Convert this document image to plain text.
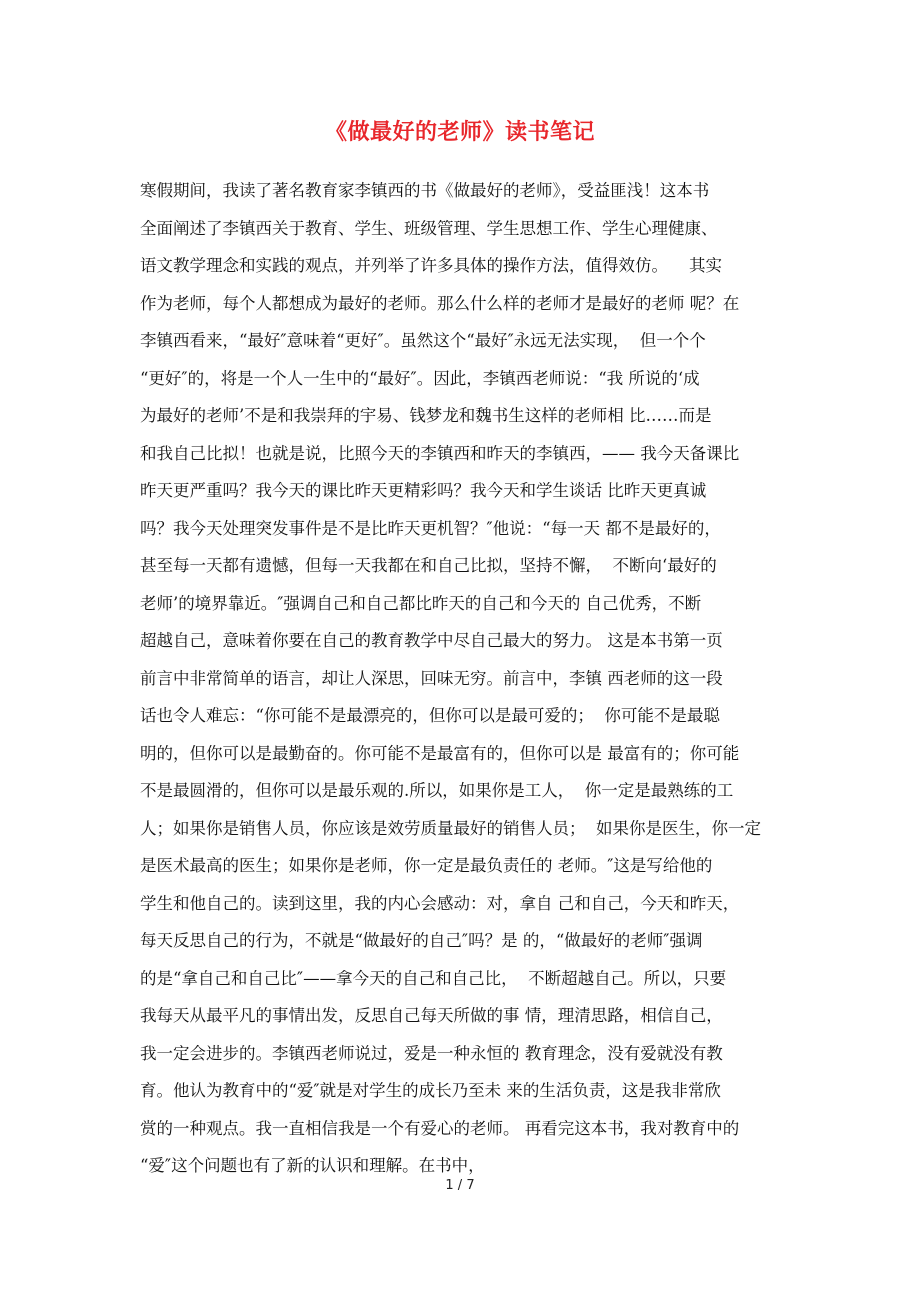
《做最好的老师》读书笔记
寒假期间，我读了著名教育家李镇西的书《做最好的老师》，受益匪浅！这本书
全面阐述了李镇西关于教育、学生、班级管理、学生思想工作、学生心理健康、
语文教学理念和实践的观点，并列举了许多具体的操作方法，值得效仿。    其实
作为老师，每个人都想成为最好的老师。那么什么样的老师才是最好的老师 呢？在
李镇西看来，“最好″意味着“更好″。虽然这个“最好″永远无法实现，  但一个个
“更好″的，将是一个人一生中的“最好″。因此，李镇西老师说：“我 所说的‘成
为最好的老师’不是和我崇拜的宇易、钱梦龙和魏书生这样的老师相 比……而是
和我自己比拟！也就是说，比照今天的李镇西和昨天的李镇西，—— 我今天备课比
昨天更严重吗？我今天的课比昨天更精彩吗？我今天和学生谈话 比昨天更真诚
吗？我今天处理突发事件是不是比昨天更机智？″他说：“每一天 都不是最好的，
甚至每一天都有遗憾，但每一天我都在和自己比拟，坚持不懈，  不断向‘最好的
老师’的境界靠近。″强调自己和自己都比昨天的自己和今天的 自己优秀，不断
超越自己，意味着你要在自己的教育教学中尽自己最大的努力。 这是本书第一页
前言中非常简单的语言，却让人深思，回味无穷。前言中，李镇 西老师的这一段
话也令人难忘：“你可能不是最漂亮的，但你可以是最可爱的；  你可能不是最聪
明的，但你可以是最勤奋的。你可能不是最富有的，但你可以是 最富有的；你可能
不是最圆滑的，但你可以是最乐观的.所以，如果你是工人，  你一定是最熟练的工
人；如果你是销售人员，你应该是效劳质量最好的销售人员；  如果你是医生，你一定
是医术最高的医生；如果你是老师，你一定是最负责任的 老师。″这是写给他的
学生和他自己的。读到这里，我的内心会感动：对，拿自 己和自己，今天和昨天，
每天反思自己的行为，不就是“做最好的自己″吗？是 的，“做最好的老师″强调
的是“拿自己和自己比″——拿今天的自己和自己比，  不断超越自己。所以，只要
我每天从最平凡的事情出发，反思自己每天所做的事 情，理清思路，相信自己，
我一定会进步的。李镇西老师说过，爱是一种永恒的 教育理念，没有爱就没有教
育。他认为教育中的“爱″就是对学生的成长乃至未 来的生活负责，这是我非常欣
赏的一种观点。我一直相信我是一个有爱心的老师。 再看完这本书，我对教育中的
“爱″这个问题也有了新的认识和理解。在书中，
1 / 7
